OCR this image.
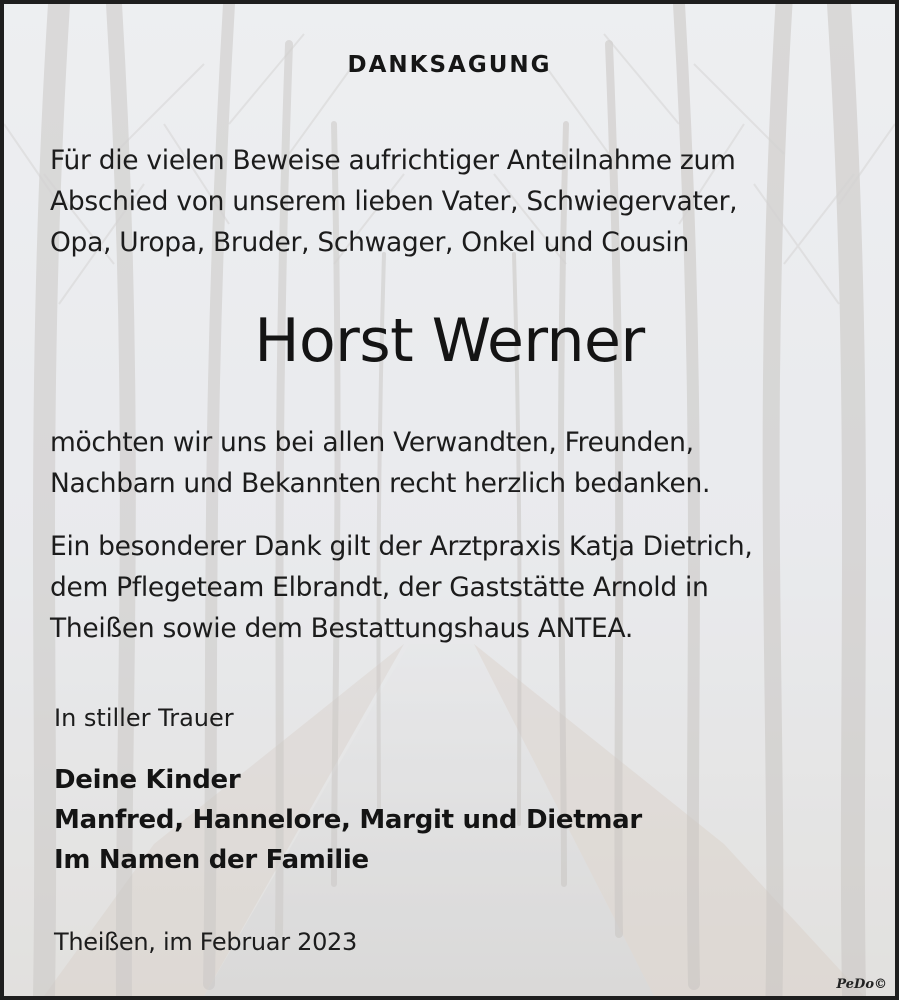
DANKSAGUNG
Für die vielen Beweise aufrichtiger Anteilnahme zum
Abschied von unserem lieben Vater, Schwiegervater,
Opa, Uropa, Bruder, Schwager, Onkel und Cousin
Horst Werner
möchten wir uns bei allen Verwandten, Freunden,
Nachbarn und Bekannten recht herzlich bedanken.
Ein besonderer Dank gilt der Arztpraxis Katja Dietrich,
dem Pflegeteam Elbrandt, der Gaststätte Arnold in
Theißen sowie dem Bestattungshaus ANTEA.
In stiller Trauer
Deine Kinder
Manfred, Hannelore, Margit und Dietmar
Im Namen der Familie
Theißen, im Februar 2023
PeDo©
